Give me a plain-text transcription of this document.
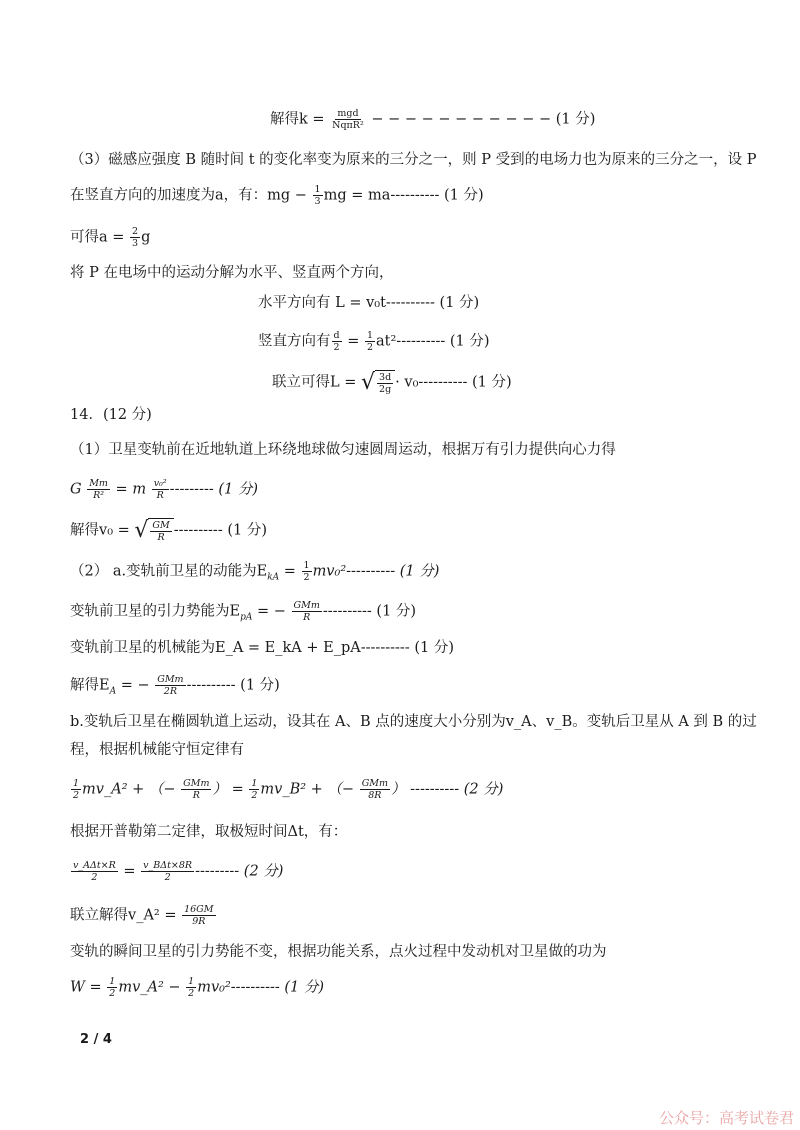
解得k = mgd
NqπR² − − − − − − − − − − − (1 分)
（3）磁感应强度 B 随时间 t 的变化率变为原来的三分之一，则 P 受到的电场力也为原来的三分之一，设 P
在竖直方向的加速度为a，有：mg − $\frac{1}{3}$ mg = ma---------- (1 分)
可得$a = \frac{2}{3}$ g
将 P 在电场中的运动分解为水平、竖直两个方向，
水平方向有 L = v₀t---------- (1 分)
竖直方向有 $\frac{d}{2} = \frac{1}{2} at^2----------$ (1 分)
联立可得L = √ $\frac{3d}{2g} \cdot v_0----------$ (1 分)
14．(12 分)
（1）卫星变轨前在近地轨道上环绕地球做匀速圆周运动，根据万有引力提供向心力得
G $\frac{Mm}{\text{R²}} = m \frac{\text{v₀²}}{R}$ --------- (1 分)
解得v₀ = √ $\frac{GM}{R}$ ---------- (1 分)
（2） a.变轨前卫星的动能为$E_{kA} = \frac{1}{2} mv_0^2----------$ (1 分)
变轨前卫星的引力势能为$E_{pA}$ = − GMm
R ---------- (1 分)
变轨前卫星的机械能为E_A = E_kA + E_pA---------- (1 分)
解得$E_A$ = − GMm
2R ---------- (1 分)
b.变轨后卫星在椭圆轨道上运动，设其在 A、B 点的速度大小分别为v_A、v_B。变轨后卫星从 A 到 B 的过
程，根据机械能守恒定律有
$\frac{1}{2}$ mv_A² + （− GMm
R ） = $\frac{1}{2}$ mv_B² + （− GMm
8R ） ---------- (2 分)
根据开普勒第二定律，取极短时间Δt，有：
v_AΔt×R
2 = v_BΔt×8R
2 --------- (2 分)
联立解得v_A² = $\frac{16GM}{9R}$
变轨的瞬间卫星的引力势能不变，根据功能关系，点火过程中发动机对卫星做的功为
$W = \frac{1}{2}$ mv_A² − $\frac{1}{2} mv_0^2----------$ (1 分)
2 / 4
公众号：高考试卷君
